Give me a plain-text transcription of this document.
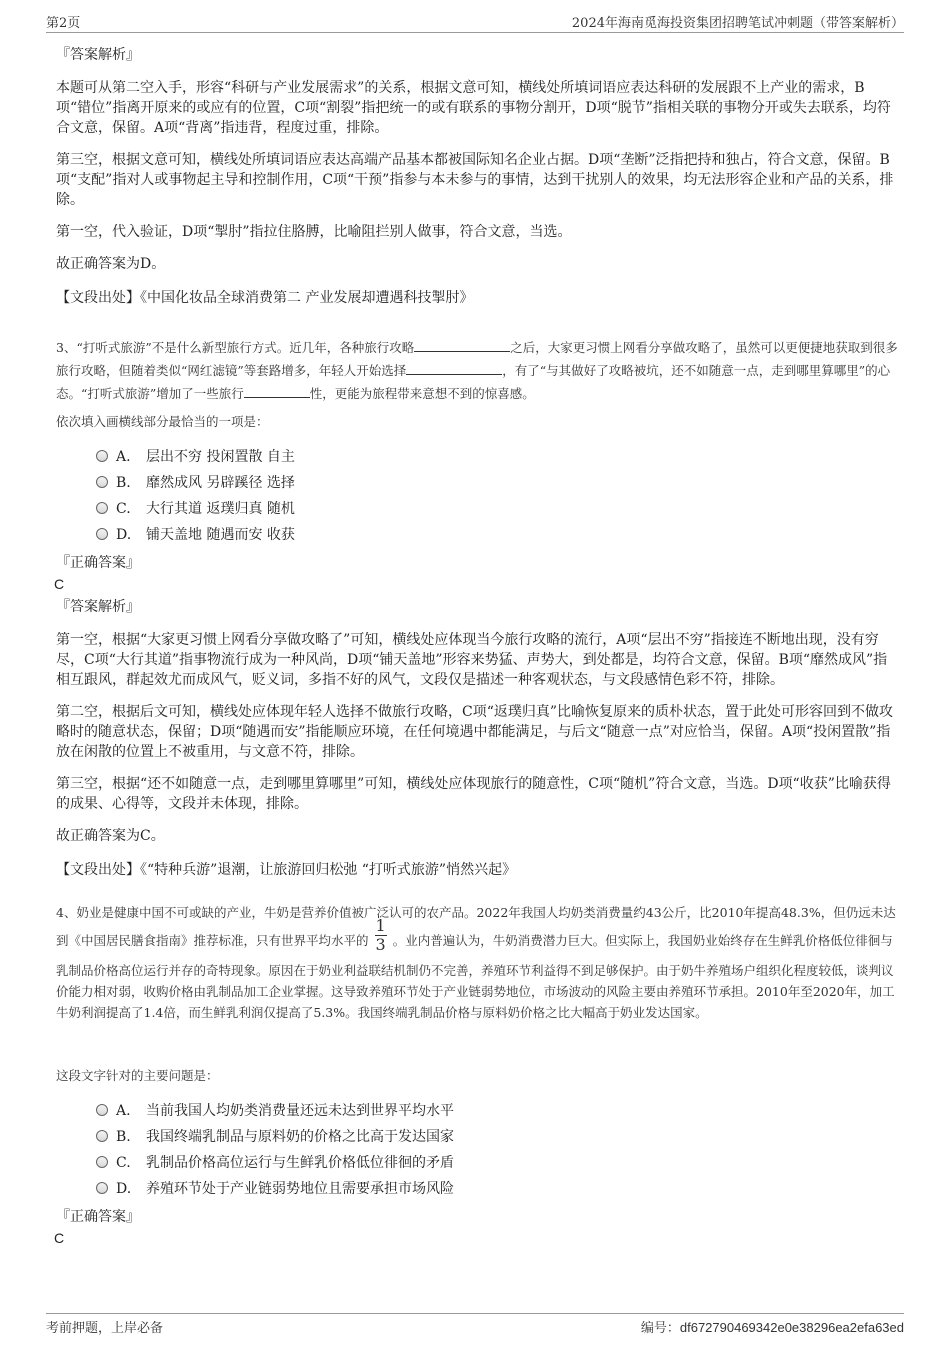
第2页	2024年海南觅海投资集团招聘笔试冲刺题（带答案解析）

『答案解析』

本题可从第二空入手，形容“科研与产业发展需求”的关系，根据文意可知，横线处所填词语应表达科研的发展跟不上产业的需求，B项“错位”指离开原来的或应有的位置，C项“割裂”指把统一的或有联系的事物分割开，D项“脱节”指相关联的事物分开或失去联系，均符合文意，保留。A项“背离”指违背，程度过重，排除。

第三空，根据文意可知，横线处所填词语应表达高端产品基本都被国际知名企业占据。D项“垄断”泛指把持和独占，符合文意，保留。B项“支配”指对人或事物起主导和控制作用，C项“干预”指参与本未参与的事情，达到干扰别人的效果，均无法形容企业和产品的关系，排除。

第一空，代入验证，D项“掣肘”指拉住胳膊，比喻阻拦别人做事，符合文意，当选。

故正确答案为D。

【文段出处】《中国化妆品全球消费第二 产业发展却遭遇科技掣肘》

3、“打听式旅游”不是什么新型旅行方式。近几年，各种旅行攻略	之后，大家更习惯上网看分享做攻略了，虽然可以更便捷地获取到很多旅行攻略，但随着类似“网红滤镜”等套路增多，年轻人开始选择	，有了“与其做好了攻略被坑，还不如随意一点，走到哪里算哪里”的心态。“打听式旅游”增加了一些旅行	性，更能为旅程带来意想不到的惊喜感。

依次填入画横线部分最恰当的一项是：

A. 层出不穷 投闲置散 自主
B. 靡然成风 另辟蹊径 选择
C. 大行其道 返璞归真 随机
D. 铺天盖地 随遇而安 收获

『正确答案』

C

『答案解析』

第一空，根据“大家更习惯上网看分享做攻略了”可知，横线处应体现当今旅行攻略的流行，A项“层出不穷”指接连不断地出现，没有穷尽，C项“大行其道”指事物流行成为一种风尚，D项“铺天盖地”形容来势猛、声势大，到处都是，均符合文意，保留。B项“靡然成风”指相互跟风，群起效尤而成风气，贬义词，多指不好的风气，文段仅是描述一种客观状态，与文段感情色彩不符，排除。

第二空，根据后文可知，横线处应体现年轻人选择不做旅行攻略，C项“返璞归真”比喻恢复原来的质朴状态，置于此处可形容回到不做攻略时的随意状态，保留；D项“随遇而安”指能顺应环境，在任何境遇中都能满足，与后文“随意一点”对应恰当，保留。A项“投闲置散”指放在闲散的位置上不被重用，与文意不符，排除。

第三空，根据“还不如随意一点，走到哪里算哪里”可知，横线处应体现旅行的随意性，C项“随机”符合文意，当选。D项“收获”比喻获得的成果、心得等，文段并未体现，排除。

故正确答案为C。

【文段出处】《“特种兵游”退潮，让旅游回归松弛 “打听式旅游”悄然兴起》

4、奶业是健康中国不可或缺的产业，牛奶是营养价值被广泛认可的农产品。2022年我国人均奶类消费量约43公斤，比2010年提高48.3%，但仍远未达到《中国居民膳食指南》推荐标准，只有世界平均水平的 $\frac{1}{3}$ 。业内普遍认为，牛奶消费潜力巨大。但实际上，我国奶业始终存在生鲜乳价格低位徘徊与乳制品价格高位运行并存的奇特现象。原因在于奶业利益联结机制仍不完善，养殖环节利益得不到足够保护。由于奶牛养殖场户组织化程度较低，谈判议价能力相对弱，收购价格由乳制品加工企业掌握。这导致养殖环节处于产业链弱势地位，市场波动的风险主要由养殖环节承担。2010年至2020年，加工牛奶利润提高了1.4倍，而生鲜乳利润仅提高了5.3%。我国终端乳制品价格与原料奶价格之比大幅高于奶业发达国家。

这段文字针对的主要问题是：

A. 当前我国人均奶类消费量还远未达到世界平均水平
B. 我国终端乳制品与原料奶的价格之比高于发达国家
C. 乳制品价格高位运行与生鲜乳价格低位徘徊的矛盾
D. 养殖环节处于产业链弱势地位且需要承担市场风险

『正确答案』

C

考前押题，上岸必备	编号：df672790469342e0e38296ea2efa63ed
